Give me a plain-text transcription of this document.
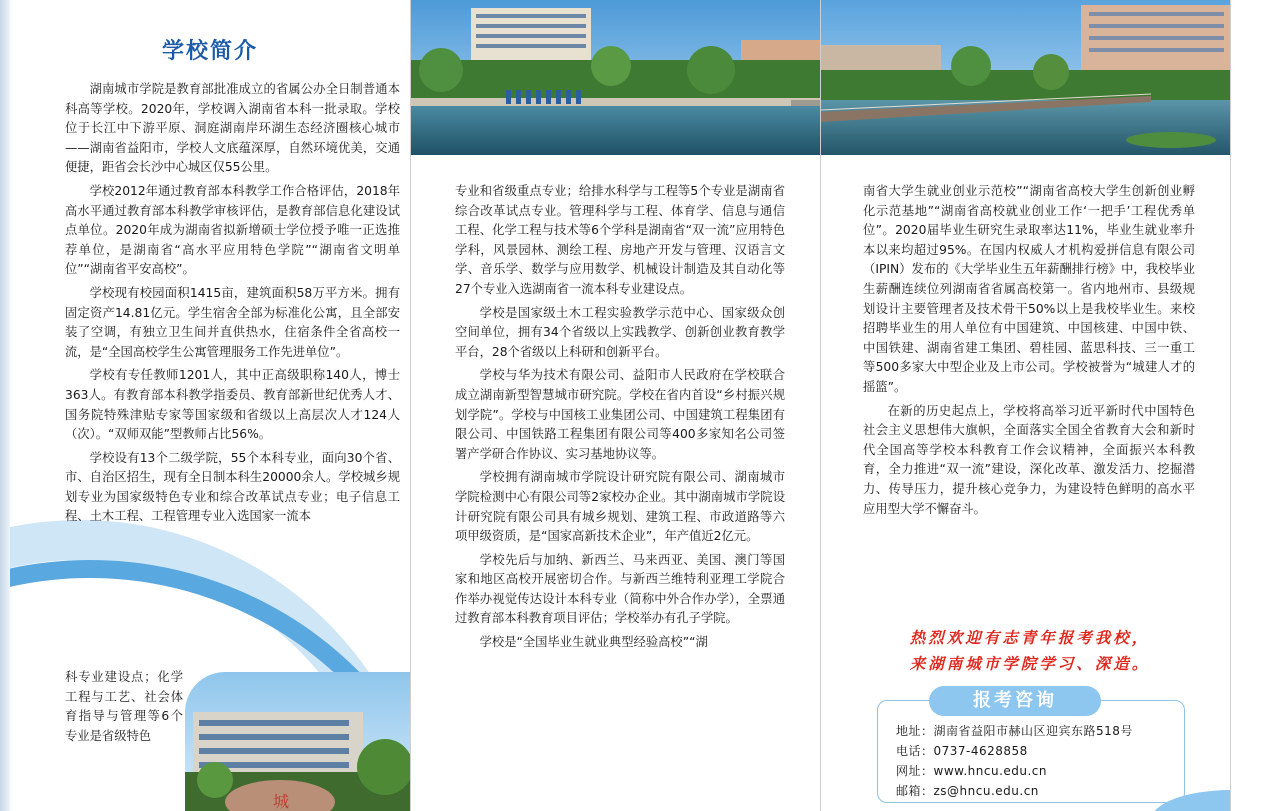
学校简介

湖南城市学院是教育部批准成立的省属公办全日制普通本科高等学校。2020年，学校调入湖南省本科一批录取。学校位于长江中下游平原、洞庭湖南岸环湖生态经济圈核心城市——湖南省益阳市，学校人文底蕴深厚，自然环境优美，交通便捷，距省会长沙中心城区仅55公里。

学校2012年通过教育部本科教学工作合格评估，2018年高水平通过教育部本科教学审核评估，是教育部信息化建设试点单位。2020年成为湖南省拟新增硕士学位授予唯一正选推荐单位，是湖南省“高水平应用特色学院”“湖南省文明单位”“湖南省平安高校”。

学校现有校园面积1415亩，建筑面积58万平方米。拥有固定资产14.81亿元。学生宿舍全部为标准化公寓，且全部安装了空调，有独立卫生间并直供热水，住宿条件全省高校一流，是“全国高校学生公寓管理服务工作先进单位”。

学校有专任教师1201人，其中正高级职称140人，博士363人。有教育部本科教学指委员、教育部新世纪优秀人才、国务院特殊津贴专家等国家级和省级以上高层次人才124人（次）。“双师双能”型教师占比56%。

学校设有13个二级学院，55个本科专业，面向30个省、市、自治区招生，现有全日制本科生20000余人。学校城乡规划专业为国家级特色专业和综合改革试点专业；电子信息工程、土木工程、工程管理专业入选国家一流本

科专业建设点；化学工程与工艺、社会体育指导与管理等6个专业是省级特色
城

专业和省级重点专业；给排水科学与工程等5个专业是湖南省综合改革试点专业。管理科学与工程、体育学、信息与通信工程、化学工程与技术等6个学科是湖南省“双一流”应用特色学科，风景园林、测绘工程、房地产开发与管理、汉语言文学、音乐学、数学与应用数学、机械设计制造及其自动化等27个专业入选湖南省一流本科专业建设点。

学校是国家级土木工程实验教学示范中心、国家级众创空间单位，拥有34个省级以上实践教学、创新创业教育教学平台，28个省级以上科研和创新平台。

学校与华为技术有限公司、益阳市人民政府在学校联合成立湖南新型智慧城市研究院。学校在省内首设“乡村振兴规划学院”。学校与中国核工业集团公司、中国建筑工程集团有限公司、中国铁路工程集团有限公司等400多家知名公司签署产学研合作协议、实习基地协议等。

学校拥有湖南城市学院设计研究院有限公司、湖南城市学院检测中心有限公司等2家校办企业。其中湖南城市学院设计研究院有限公司具有城乡规划、建筑工程、市政道路等六项甲级资质，是“国家高新技术企业”，年产值近2亿元。

学校先后与加纳、新西兰、马来西亚、美国、澳门等国家和地区高校开展密切合作。与新西兰维特利亚理工学院合作举办视觉传达设计本科专业（简称中外合作办学），全票通过教育部本科教育项目评估；学校举办有孔子学院。

学校是“全国毕业生就业典型经验高校”“湖

南省大学生就业创业示范校”“湖南省高校大学生创新创业孵化示范基地”“湖南省高校就业创业工作‘一把手’工程优秀单位”。2020届毕业生研究生录取率达11%，毕业生就业率升本以来均超过95%。在国内权威人才机构爱拼信息有限公司（IPIN）发布的《大学毕业生五年薪酬排行榜》中，我校毕业生薪酬连续位列湖南省省属高校第一。省内地州市、县级规划设计主要管理者及技术骨干50%以上是我校毕业生。来校招聘毕业生的用人单位有中国建筑、中国核建、中国中铁、中国铁建、湖南省建工集团、碧桂园、蓝思科技、三一重工等500多家大中型企业及上市公司。学校被誉为“城建人才的摇篮”。

在新的历史起点上，学校将高举习近平新时代中国特色社会主义思想伟大旗帜，全面落实全国全省教育大会和新时代全国高等学校本科教育工作会议精神，全面振兴本科教育，全力推进“双一流”建设，深化改革、激发活力、挖掘潜力、传导压力，提升核心竞争力，为建设特色鲜明的高水平应用型大学不懈奋斗。

热烈欢迎有志青年报考我校，
来湖南城市学院学习、深造。
报考咨询
地址：湖南省益阳市赫山区迎宾东路518号
电话：0737-4628858
网址：www.hncu.edu.cn
邮箱：zs@hncu.edu.cn
